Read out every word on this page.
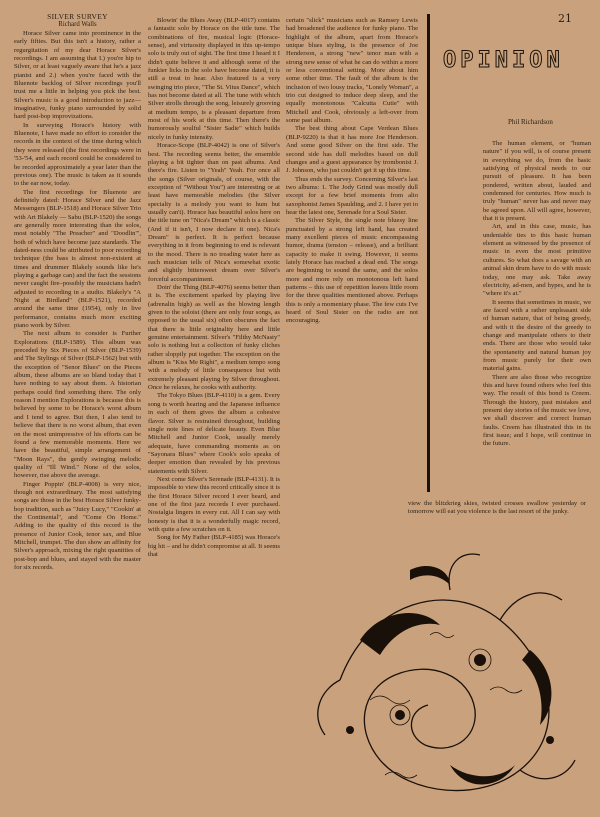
SILVER SURVEY
Richard Walls

Horace Silver came into prominence in the early fifties. But this isn't a history, rather a regurgitation of my dear Horace Silver's recordings. I am assuming that I.) you're hip to Silver, or at least vaguely aware that he's a jazz pianist and 2.) when you're faced with the Bluenote backlog of Silver recordings you'll trust me a little in helping you pick the best. Silver's music is a good introduction to jazz—imaginative, funky piano surrounded by solid hard post-bop improvizations.

In surveying Horace's history with Bluenote, I have made no effort to consider the records in the context of the time during which they were released (the first recordings were in '53-'54, and each record could be considered to be recorded approximately a year later than the previous one). The music is taken as it sounds to the ear now, today.

The first recordings for Bluenote are definitely dated: Horace Silver and the Jazz Messengers (BLP-1518) and Horace Silver Trio with Art Blakely — Sabu (BLP-1520) the songs are generally more interesting than the solos, most notably "The Preacher" and "Doodlin'", both of which have become jazz standards. The dated-ness could be attributed to poor recording technique (the bass is almost non-existent at times and drummer Blakely sounds like he's playing a garbage can) and the fact the sessions never caught fire–possibly the musicians hadn't adjusted to recording in a studio. Blakely's "A Night at Birdland" (BLP-1521), recorded around the same time (1954), only in live performance, contains much more exciting piano work by Silver.

The next album to consider is Further Explorations (BLP-1589). This album was preceded by Six Pieces of Silver (BLP-1539) and The Stylings of Silver (BLP-1562) but with the exception of "Senor Blues" on the Pieces album, these albums are so bland today that I have nothing to say about them. A historian perhaps could find something there. The only reason I mention Explorations is because this is believed by some to be Horace's worst album and I tend to agree. But then, I also tend to believe that there is no worst album, that even on the most unimpressive of his efforts can be found a few memorable moments. Here we have the beautiful, simple arrangement of "Moon Rays", the gently swinging melodic quality of "Ill Wind." None of the solos, however, rise above the average.

Finger Poppin' (BLP-4008) is very nice, though not extraordinary. The most satisfying songs are those in the best Horace Silver funky-bop tradition, such as "Juicy Lucy," "Cookin' at the Continental", and "Come On Home." Adding to the quality of this record is the presence of Junior Cook, tenor sax, and Blue Mitchell, trumpet. The duo show an affinity for Silver's approach, mixing the right quantities of post-bop and blues, and stayed with the master for six records.

Blowin' the Blues Away (BLP-4017) contains a fantastic solo by Horace on the title tune. The combinations of fire, musical logic (Horace-sense), and virtuosity displayed in this up-tempo solo is truly out of sight. The first time I heard it I didn't quite believe it and although some of the funkier licks in the solo have become dated, it is still a treat to hear. Also featured is a very swinging trio piece, "The St. Vitus Dance", which has not become dated at all. The tune with which Silver strolls through the song, leisurely grooving at medium tempo, is a pleasant departure from most of his work at this time. Then there's the humorously soulful "Sister Sadie" which builds nicely in funky intensity.

Horace-Scope (BLP-4042) is one of Silver's best. The recording seems better, the ensemble playing a bit tighter than on past albums. And there's fire. Listen to "Yeah" Yeah. For once all the songs (Silver originals, of course, with the exception of "Without You") are interesting or at least have memorable melodies (the Silver specialty is a melody you want to hum but usually can't). Horace has beautiful solos here on the title tune on "Nica's Dream" which is a classic (And if it isn't, I now declare it one). Nica's Dream" is perfect. It is perfect because everything in it from beginning to end is relevant to the mood. There is no treading water here as each musician tells of Nica's somewhat exotic and slightly bittersweet dream over Silver's forceful accompaniment.

Doin' the Thing (BLP-4076) seems better than it is. The excitement sparked by playing live (adrenalin high) as well as the blowing length given to the soloist (there are only four songs, as opposed to the usual six) often obscures the fact that there is little originality here and little genuine entertainment. Silver's "Filthy McNasty" solo is nothing but a collection of funky cliches rather sloppily put together. The exception on the album is "Kiss Me Right", a medium tempo song with a melody of little consequence but with extremely pleasant playing by Silver throughout. Once he relaxes, he cooks with authority.

The Tokyo Blues (BLP-4110) is a gem. Every song is worth hearing and the Japanese influence in each of them gives the album a cohesive flavor. Silver is restrained throughout, building single note lines of delicate beauty. Even Blue Mitchell and Junior Cook, usually merely adequate, have commanding moments as on "Sayonara Blues" where Cook's solo speaks of deeper emotion than revealed by his previous statements with Silver.

Next come Silver's Serenade (BLP-4131). It is impossible to view this record critically since it is the first Horace Silver record I ever heard, and one of the first jazz records I ever purchased. Nostalgia lingers in every cut. All I can say with honesty is that it is a wonderfully magic record, with quite a few scratches on it.

Song for My Father (BLP-4185) was Horace's big hit – and he didn't compromise at all. It seems that

certain "slick" musicians such as Ramsey Lewis had broadened the audience for funky piano. The highlight of the album, apart from Horace's unique blues styling, is the presence of Joe Henderson, a strong "new" tenor man with a strong new sense of what he can do within a more or less conventional setting. More about him some other time. The fault of the album is the inclusion of two lousy tracks, "Lonely Woman", a trio cut designed to induce deep sleep, and the equally monotonous "Calcutta Cutie" with Mitchell and Cook, obviously a left-over from some past album.

The best thing about Cape Verdean Blues (BLP-9220) is that it has more Joe Henderson. And some good Silver on the first side. The second side has dull melodies based on dull changes and a guest appearance by trombonist J. J. Johnson, who just couldn't get it up this time.

Thus ends the survey. Concerning Silver's last two albums: 1. The Jody Grind was mostly dull except for a few brief moments from alto saxophonist James Spaulding, and 2. I have yet to hear the latest one, Serenade for a Soul Sister.

The Silver Style, the single note bluesy line punctuated by a strong left hand, has created many excellent pieces of music encompassing humor, drama (tension – release), and a brilliant capacity to make it swing. However, it seems lately Horace has reached a dead end. The songs are beginning to sound the same, and the solos more and more rely on monotonous left hand patterns – this use of repetition leaves little room for the three qualities mentioned above. Perhaps this is only a momentary phase. The few cuts I've heard of Soul Sister on the radio are not encouraging.

21
OPINION
Phil Richardson

The human element, or "human nature" if you will, is of course present in everything we do, from the basic satisfying of physical needs to our pursuit of pleasure. It has been pondered, written about, lauded and condemned for centuries. How much is truly "human" never has and never may be agreed upon. All will agree, however, that it is present.

Art, and in this case, music, has undeniable ties to this basic human element as witnessed by the presence of music in even the most primitive cultures. So what does a savage with an animal skin drum have to do with music today, one may ask. Take away electricity, ad-men, and hypes, and he is "where it's at."

It seems that sometimes in music, we are faced with a rather unpleasant side of human nature, that of being greedy, and with it the desire of the greedy to change and manipulate others to their ends. There are those who would take the spontaneity and natural human joy from music purely for their own material gains.

There are also those who recognize this and have found others who feel this way. The result of this bond is Creem. Through the history, past mistakes and present day stories of the music we love, we shall discover and correct human faults. Creem has illustrated this in its first issue; and I hope, will continue in the future.

view the blitzkrieg skies, twisted crosses swallow yesterday or tomorrow will eat you violence is the last resort of the junky.
